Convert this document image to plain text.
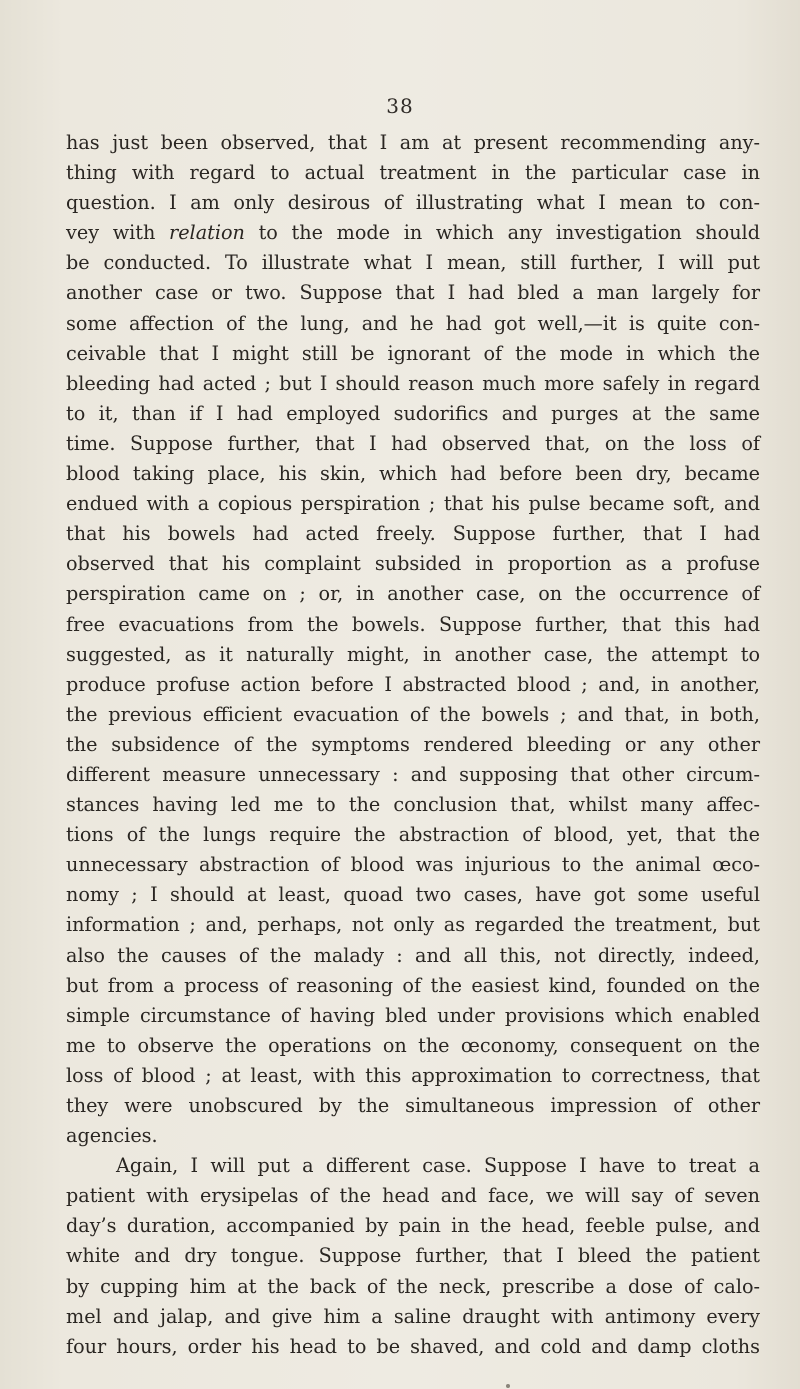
38

has just been observed, that I am at present recommending any-

thing with regard to actual treatment in the particular case in

question. I am only desirous of illustrating what I mean to con-

vey with relation to the mode in which any investigation should

be conducted. To illustrate what I mean, still further, I will put

another case or two. Suppose that I had bled a man largely for

some affection of the lung, and he had got well,—it is quite con-

ceivable that I might still be ignorant of the mode in which the

bleeding had acted ; but I should reason much more safely in regard

to it, than if I had employed sudorifics and purges at the same

time. Suppose further, that I had observed that, on the loss of

blood taking place, his skin, which had before been dry, became

endued with a copious perspiration ; that his pulse became soft, and

that his bowels had acted freely. Suppose further, that I had

observed that his complaint subsided in proportion as a profuse

perspiration came on ; or, in another case, on the occurrence of

free evacuations from the bowels. Suppose further, that this had

suggested, as it naturally might, in another case, the attempt to

produce profuse action before I abstracted blood ; and, in another,

the previous efficient evacuation of the bowels ; and that, in both,

the subsidence of the symptoms rendered bleeding or any other

different measure unnecessary : and supposing that other circum-

stances having led me to the conclusion that, whilst many affec-

tions of the lungs require the abstraction of blood, yet, that the

unnecessary abstraction of blood was injurious to the animal œco-

nomy ; I should at least, quoad two cases, have got some useful

information ; and, perhaps, not only as regarded the treatment, but

also the causes of the malady : and all this, not directly, indeed,

but from a process of reasoning of the easiest kind, founded on the

simple circumstance of having bled under provisions which enabled

me to observe the operations on the œconomy, consequent on the

loss of blood ; at least, with this approximation to correctness, that

they were unobscured by the simultaneous impression of other

agencies.

Again, I will put a different case. Suppose I have to treat a

patient with erysipelas of the head and face, we will say of seven

day’s duration, accompanied by pain in the head, feeble pulse, and

white and dry tongue. Suppose further, that I bleed the patient

by cupping him at the back of the neck, prescribe a dose of calo-

mel and jalap, and give him a saline draught with antimony every

four hours, order his head to be shaved, and cold and damp cloths
